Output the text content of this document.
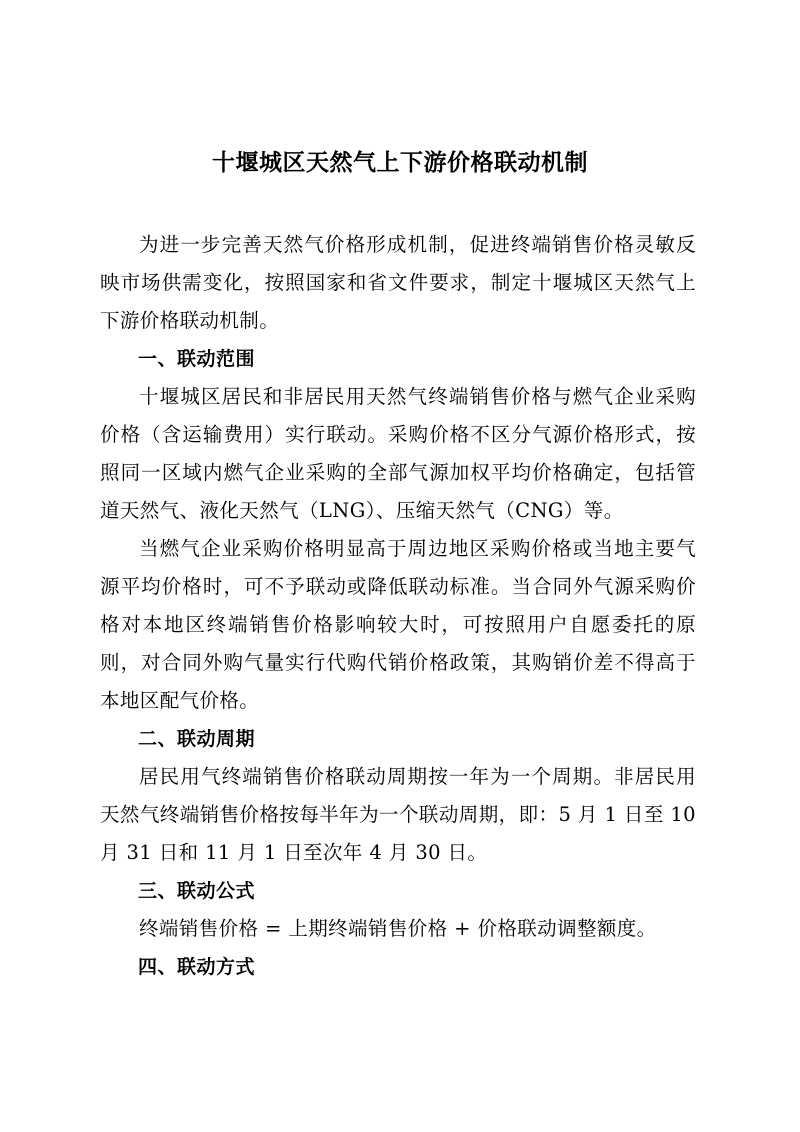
十堰城区天然气上下游价格联动机制

为进一步完善天然气价格形成机制，促进终端销售价格灵敏反映市场供需变化，按照国家和省文件要求，制定十堰城区天然气上下游价格联动机制。

一、联动范围

十堰城区居民和非居民用天然气终端销售价格与燃气企业采购价格（含运输费用）实行联动。采购价格不区分气源价格形式，按照同一区域内燃气企业采购的全部气源加权平均价格确定，包括管道天然气、液化天然气（LNG）、压缩天然气（CNG）等。

当燃气企业采购价格明显高于周边地区采购价格或当地主要气源平均价格时，可不予联动或降低联动标准。当合同外气源采购价格对本地区终端销售价格影响较大时，可按照用户自愿委托的原则，对合同外购气量实行代购代销价格政策，其购销价差不得高于本地区配气价格。

二、联动周期

居民用气终端销售价格联动周期按一年为一个周期。非居民用天然气终端销售价格按每半年为一个联动周期，即：5 月 1 日至 10 月 31 日和 11 月 1 日至次年 4 月 30 日。

三、联动公式

终端销售价格 = 上期终端销售价格 + 价格联动调整额度。

四、联动方式
